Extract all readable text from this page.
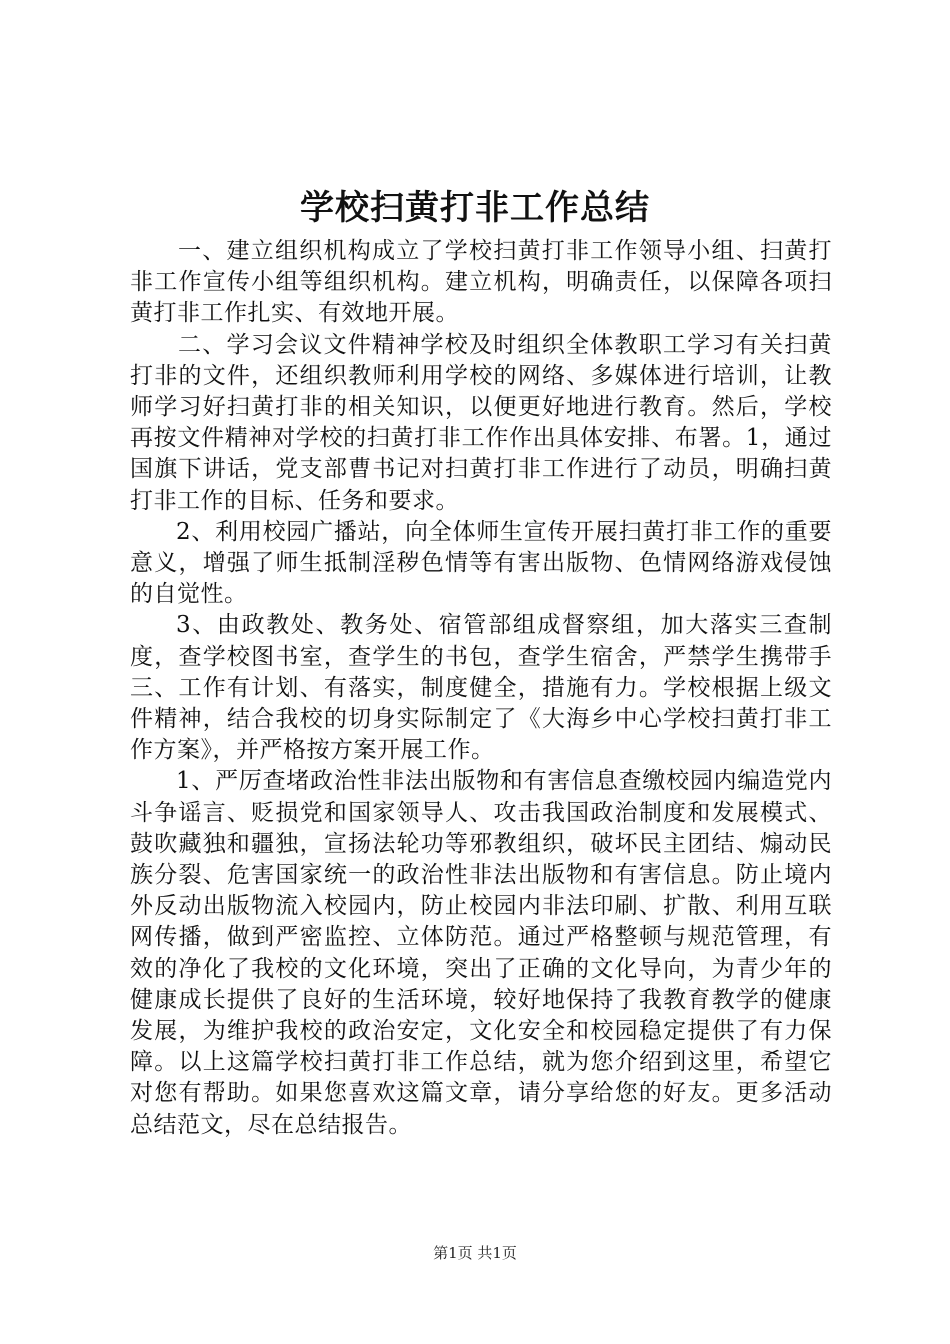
学校扫黄打非工作总结

一、建立组织机构成立了学校扫黄打非工作领导小组、扫黄打非工作宣传小组等组织机构。建立机构，明确责任，以保障各项扫黄打非工作扎实、有效地开展。

二、学习会议文件精神学校及时组织全体教职工学习有关扫黄打非的文件，还组织教师利用学校的网络、多媒体进行培训，让教师学习好扫黄打非的相关知识，以便更好地进行教育。然后，学校再按文件精神对学校的扫黄打非工作作出具体安排、布署。1，通过国旗下讲话，党支部曹书记对扫黄打非工作进行了动员，明确扫黄打非工作的目标、任务和要求。

2、利用校园广播站，向全体师生宣传开展扫黄打非工作的重要意义，增强了师生抵制淫秽色情等有害出版物、色情网络游戏侵蚀的自觉性。

3、由政教处、教务处、宿管部组成督察组，加大落实三查制度，查学校图书室，查学生的书包，查学生宿舍，严禁学生携带手三、工作有计划、有落实，制度健全，措施有力。学校根据上级文件精神，结合我校的切身实际制定了《大海乡中心学校扫黄打非工作方案》，并严格按方案开展工作。

1、严厉查堵政治性非法出版物和有害信息查缴校园内编造党内斗争谣言、贬损党和国家领导人、攻击我国政治制度和发展模式、鼓吹藏独和疆独，宣扬法轮功等邪教组织，破坏民主团结、煽动民族分裂、危害国家统一的政治性非法出版物和有害信息。防止境内外反动出版物流入校园内，防止校园内非法印刷、扩散、利用互联网传播，做到严密监控、立体防范。通过严格整顿与规范管理，有效的净化了我校的文化环境，突出了正确的文化导向，为青少年的健康成长提供了良好的生活环境，较好地保持了我教育教学的健康发展，为维护我校的政治安定，文化安全和校园稳定提供了有力保障。以上这篇学校扫黄打非工作总结，就为您介绍到这里，希望它对您有帮助。如果您喜欢这篇文章，请分享给您的好友。更多活动总结范文，尽在总结报告。

第1页 共1页
